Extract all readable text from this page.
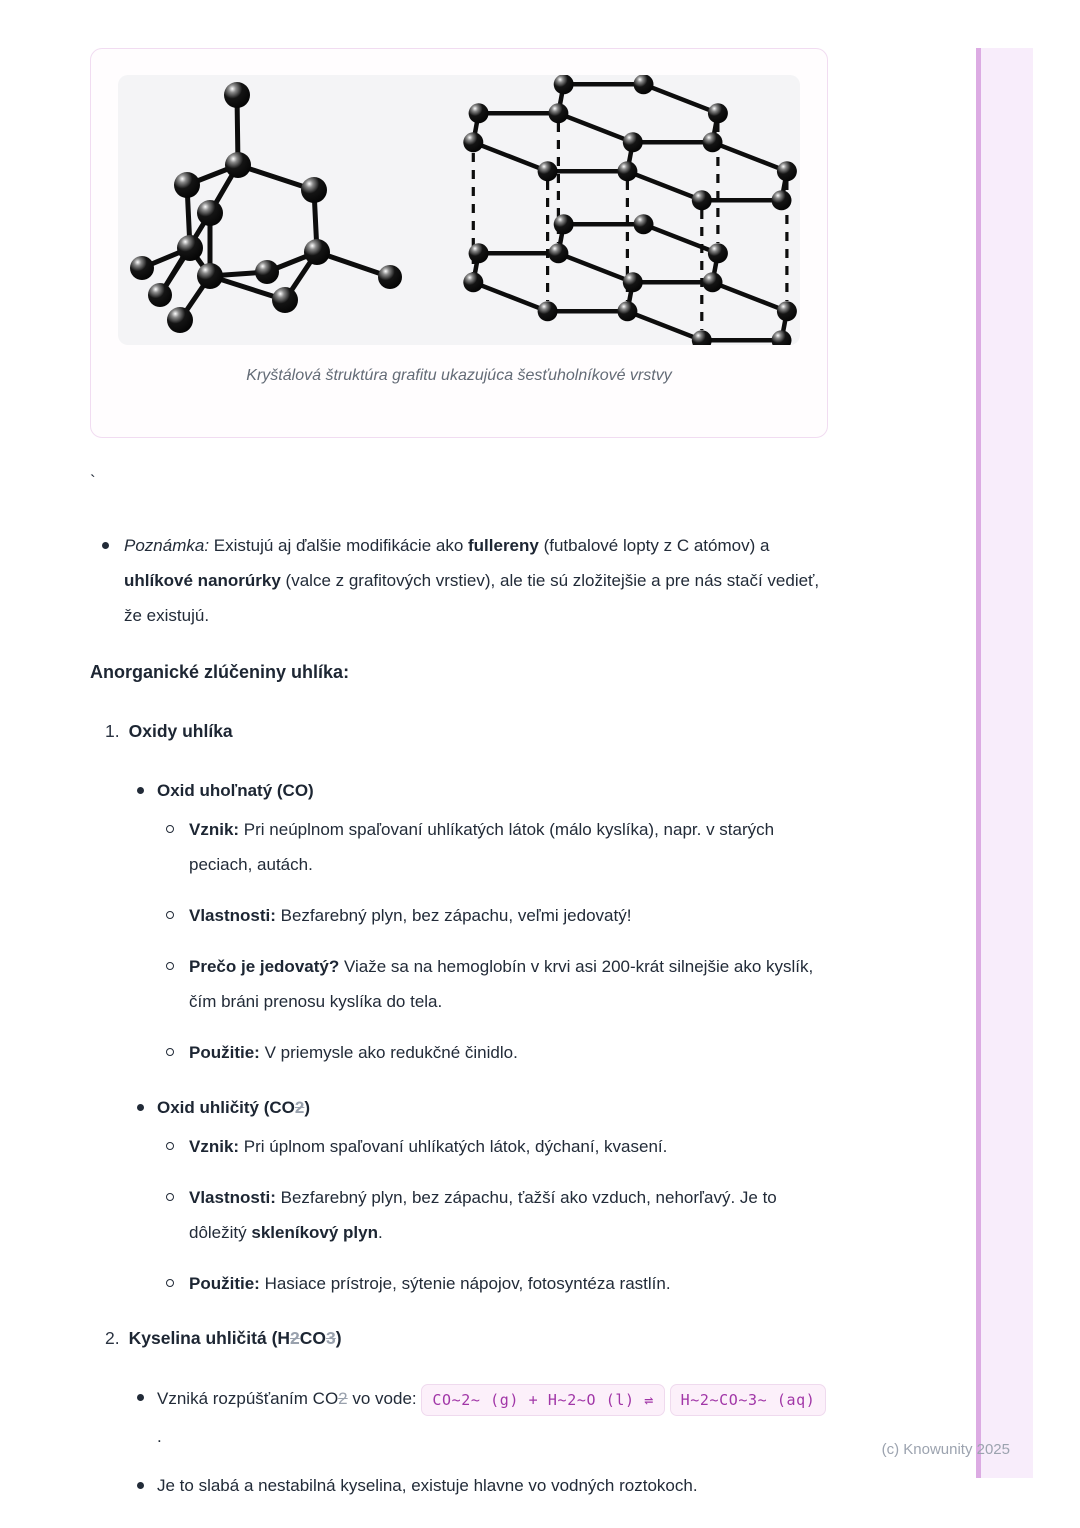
(c) Knowunity 2025
Kryštálová štruktúra grafitu ukazujúca šesťuholníkové vrstvy
`
Poznámka: Existujú aj ďalšie modifikácie ako fullereny (futbalové lopty z C atómov) a uhlíkové nanorúrky (valce z grafitových vrstiev), ale tie sú zložitejšie a pre nás stačí vedieť, že existujú.
Anorganické zlúčeniny uhlíka:
1. Oxidy uhlíka
Oxid uhoľnatý (CO)
Vznik: Pri neúplnom spaľovaní uhlíkatých látok (málo kyslíka), napr. v starých peciach, autách.
Vlastnosti: Bezfarebný plyn, bez zápachu, veľmi jedovatý!
Prečo je jedovatý? Viaže sa na hemoglobín v krvi asi 200-krát silnejšie ako kyslík, čím bráni prenosu kyslíka do tela.
Použitie: V priemysle ako redukčné činidlo.
Oxid uhličitý (CO2)
Vznik: Pri úplnom spaľovaní uhlíkatých látok, dýchaní, kvasení.
Vlastnosti: Bezfarebný plyn, bez zápachu, ťažší ako vzduch, nehorľavý. Je to dôležitý skleníkový plyn.
Použitie: Hasiace prístroje, sýtenie nápojov, fotosyntéza rastlín.
2. Kyselina uhličitá (H2CO3)
Vzniká rozpúšťaním CO2 vo vode: CO~2~ (g) + H~2~O (l) ⇌ H~2~CO~3~ (aq) .
Je to slabá a nestabilná kyselina, existuje hlavne vo vodných roztokoch.
